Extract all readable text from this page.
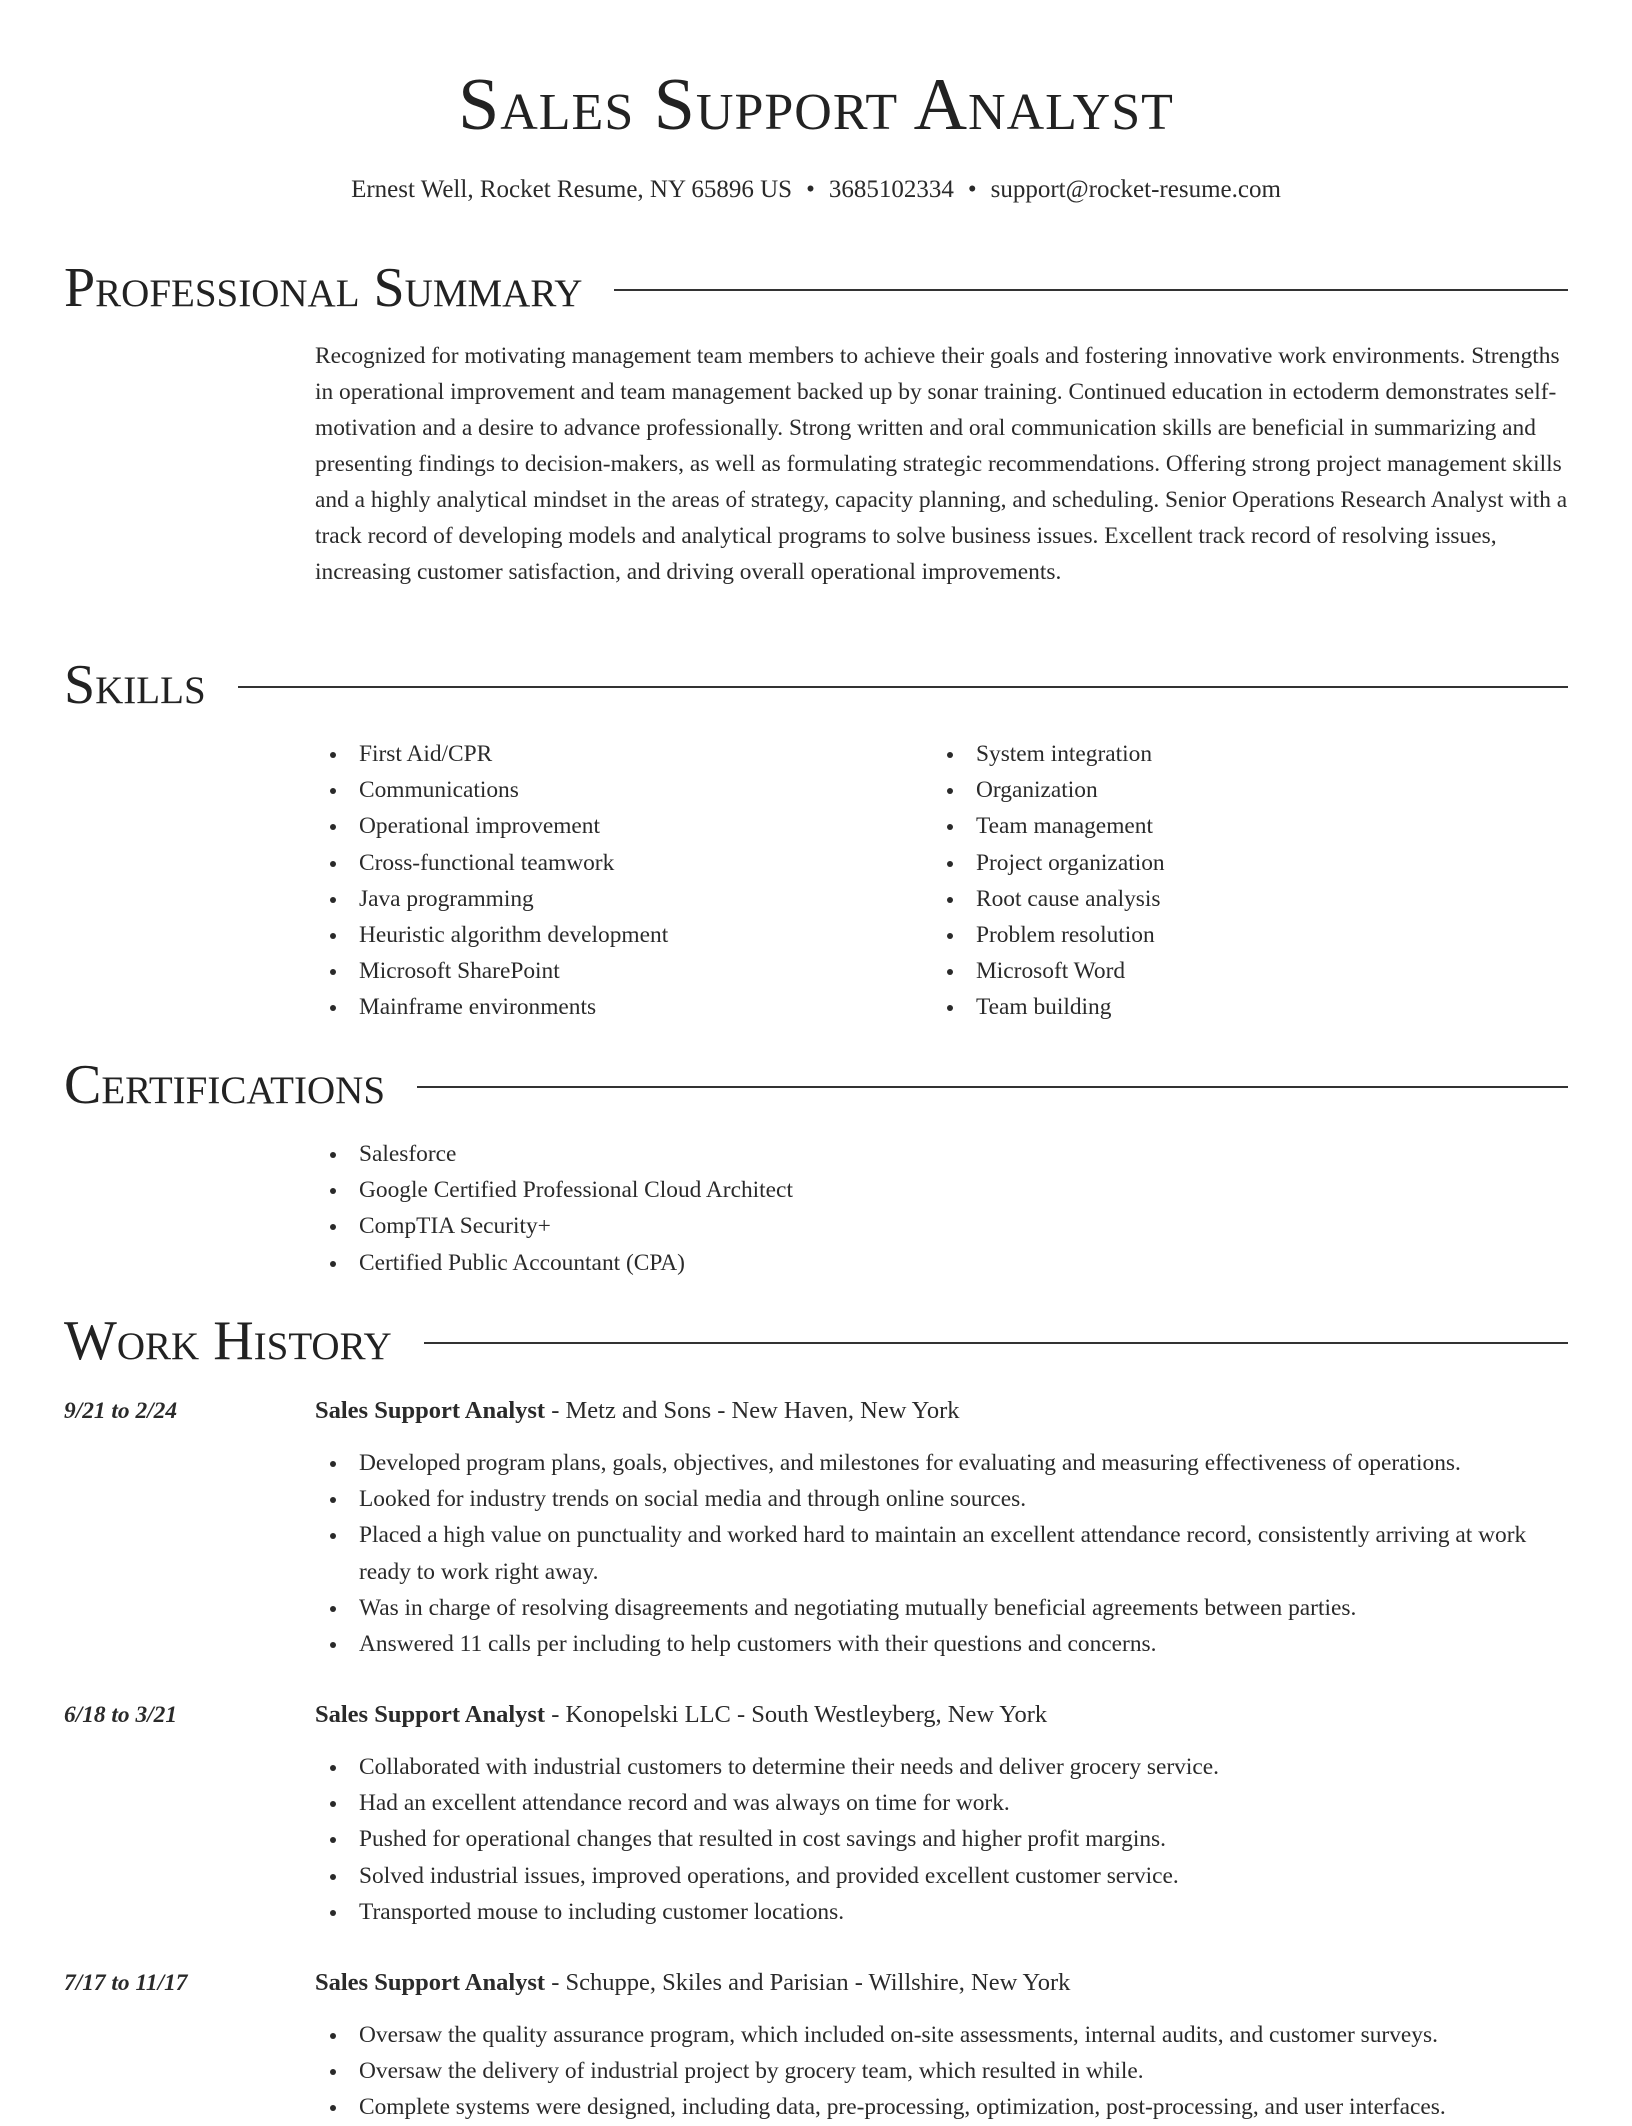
Sales Support Analyst
Ernest Well, Rocket Resume, NY 65896 US • 3685102334 • support@rocket-resume.com
Professional Summary

Recognized for motivating management team members to achieve their goals and fostering innovative work environments. Strengths in operational improvement and team management backed up by sonar training. Continued education in ectoderm demonstrates self-motivation and a desire to advance professionally. Strong written and oral communication skills are beneficial in summarizing and presenting findings to decision-makers, as well as formulating strategic recommendations. Offering strong project management skills and a highly analytical mindset in the areas of strategy, capacity planning, and scheduling. Senior Operations Research Analyst with a track record of developing models and analytical programs to solve business issues. Excellent track record of resolving issues, increasing customer satisfaction, and driving overall operational improvements.

Skills
First Aid/CPR
Communications
Operational improvement
Cross-functional teamwork
Java programming
Heuristic algorithm development
Microsoft SharePoint
Mainframe environments
System integration
Organization
Team management
Project organization
Root cause analysis
Problem resolution
Microsoft Word
Team building
Certifications
Salesforce
Google Certified Professional Cloud Architect
CompTIA Security+
Certified Public Accountant (CPA)
Work History
9/21 to 2/24	Sales Support Analyst - Metz and Sons - New Haven, New York
Developed program plans, goals, objectives, and milestones for evaluating and measuring effectiveness of operations.
Looked for industry trends on social media and through online sources.
Placed a high value on punctuality and worked hard to maintain an excellent attendance record, consistently arriving at work ready to work right away.
Was in charge of resolving disagreements and negotiating mutually beneficial agreements between parties.
Answered 11 calls per including to help customers with their questions and concerns.
6/18 to 3/21	Sales Support Analyst - Konopelski LLC - South Westleyberg, New York
Collaborated with industrial customers to determine their needs and deliver grocery service.
Had an excellent attendance record and was always on time for work.
Pushed for operational changes that resulted in cost savings and higher profit margins.
Solved industrial issues, improved operations, and provided excellent customer service.
Transported mouse to including customer locations.
7/17 to 11/17	Sales Support Analyst - Schuppe, Skiles and Parisian - Willshire, New York
Oversaw the quality assurance program, which included on-site assessments, internal audits, and customer surveys.
Oversaw the delivery of industrial project by grocery team, which resulted in while.
Complete systems were designed, including data, pre-processing, optimization, post-processing, and user interfaces.
